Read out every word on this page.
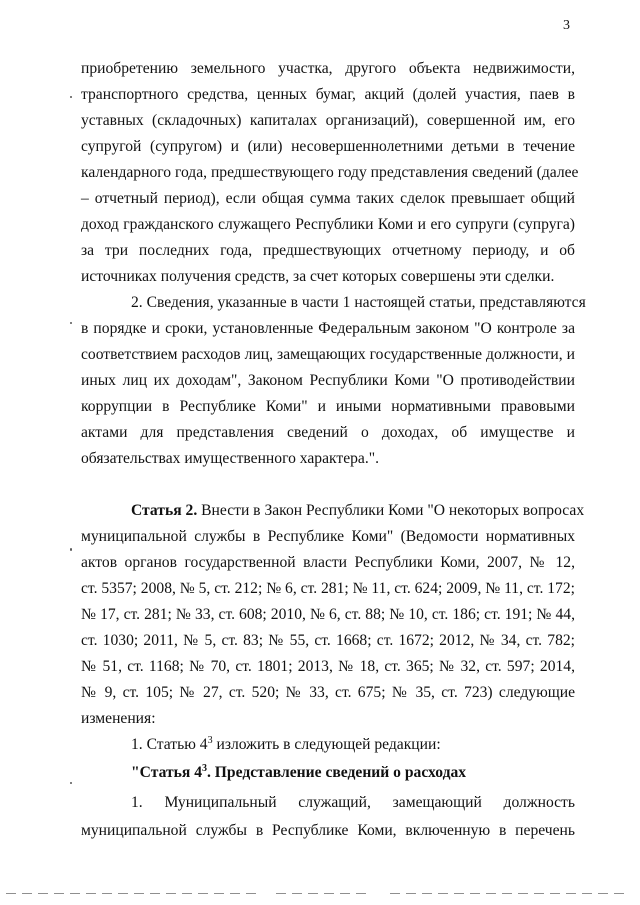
3
приобретению земельного участка, другого объекта недвижимости,
транспортного средства, ценных бумаг, акций (долей участия, паев в
уставных (складочных) капиталах организаций), совершенной им, его
супругой (супругом) и (или) несовершеннолетними детьми в течение
календарного года, предшествующего году представления сведений (далее
– отчетный период), если общая сумма таких сделок превышает общий
доход гражданского служащего Республики Коми и его супруги (супруга)
за три последних года, предшествующих отчетному периоду, и об
источниках получения средств, за счет которых совершены эти сделки.
2. Сведения, указанные в части 1 настоящей статьи, представляются
в порядке и сроки, установленные Федеральным законом "О контроле за
соответствием расходов лиц, замещающих государственные должности, и
иных лиц их доходам", Законом Республики Коми "О противодействии
коррупции в Республике Коми" и иными нормативными правовыми
актами для представления сведений о доходах, об имуществе и
обязательствах имущественного характера.".
Статья 2. Внести в Закон Республики Коми "О некоторых вопросах
муниципальной службы в Республике Коми" (Ведомости нормативных
актов органов государственной власти Республики Коми, 2007, № 12,
ст. 5357; 2008, № 5, ст. 212; № 6, ст. 281; № 11, ст. 624; 2009, № 11, ст. 172;
№ 17, ст. 281; № 33, ст. 608; 2010, № 6, ст. 88; № 10, ст. 186; ст. 191; № 44,
ст. 1030; 2011, № 5, ст. 83; № 55, ст. 1668; ст. 1672; 2012, № 34, ст. 782;
№ 51, ст. 1168; № 70, ст. 1801; 2013, № 18, ст. 365; № 32, ст. 597; 2014,
№ 9, ст. 105; № 27, ст. 520; № 33, ст. 675; № 35, ст. 723) следующие
изменения:
1. Статью $4^3$ изложить в следующей редакции:
"Статья $4^3$. Представление сведений о расходах
1. Муниципальный служащий, замещающий должность
муниципальной службы в Республике Коми, включенную в перечень
